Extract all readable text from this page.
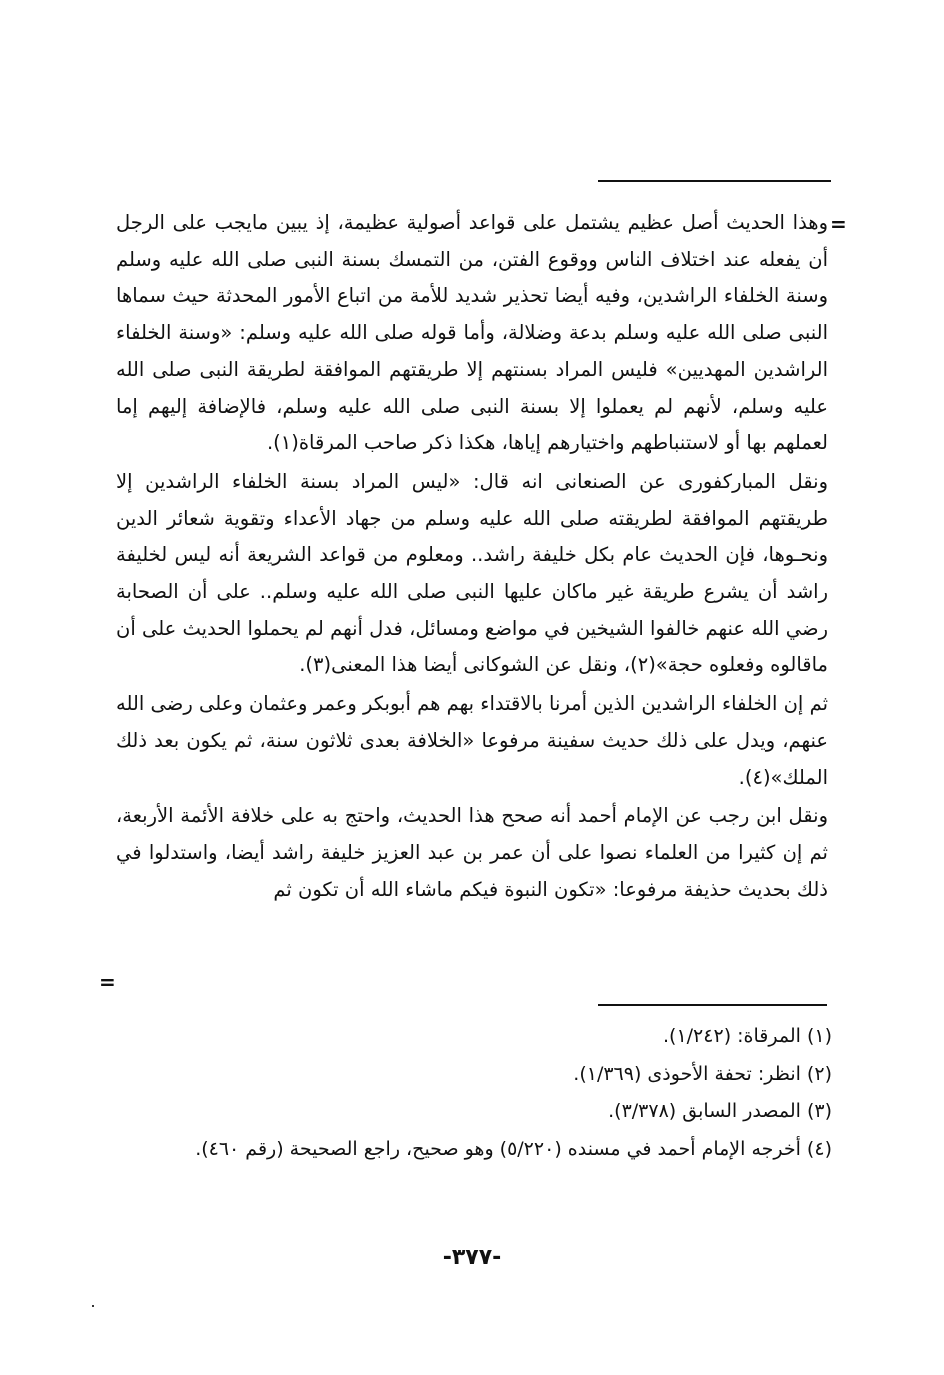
=

وهذا الحديث أصل عظيم يشتمل على قواعد أصولية عظيمة، إذ يبين مايجب على الرجل أن يفعله عند اختلاف الناس ووقوع الفتن، من التمسك بسنة النبى صلى الله عليه وسلم وسنة الخلفاء الراشدين، وفيه أيضا تحذير شديد للأمة من اتباع الأمور المحدثة حيث سماها النبى صلى الله عليه وسلم بدعة وضلالة، وأما قوله صلى الله عليه وسلم: «وسنة الخلفاء الراشدين المهديين» فليس المراد بسنتهم إلا طريقتهم الموافقة لطريقة النبى صلى الله عليه وسلم، لأنهم لم يعملوا إلا بسنة النبى صلى الله عليه وسلم، فالإضافة إليهم إما لعملهم بها أو لاستنباطهم واختيارهم إياها، هكذا ذكر صاحب المرقاة(١).

ونقل المباركفورى عن الصنعانى انه قال: «ليس المراد بسنة الخلفاء الراشدين إلا طريقتهم الموافقة لطريقته صلى الله عليه وسلم من جهاد الأعداء وتقوية شعائر الدين ونحـوها، فإن الحديث عام بكل خليفة راشد.. ومعلوم من قواعد الشريعة أنه ليس لخليفة راشد أن يشرع طريقة غير ماكان عليها النبى صلى الله عليه وسلم.. على أن الصحابة رضي الله عنهم خالفوا الشيخين في مواضع ومسائل، فدل أنهم لم يحملوا الحديث على أن ماقالوه وفعلوه حجة»(٢)، ونقل عن الشوكانى أيضا هذا المعنى(٣).

ثم إن الخلفاء الراشدين الذين أمرنا بالاقتداء بهم هم أبوبكر وعمر وعثمان وعلى رضى الله عنهم، ويدل على ذلك حديث سفينة مرفوعا «الخلافة بعدى ثلاثون سنة، ثم يكون بعد ذلك الملك»(٤).

ونقل ابن رجب عن الإمام أحمد أنه صحح هذا الحديث، واحتج به على خلافة الأئمة الأربعة، ثم إن كثيرا من العلماء نصوا على أن عمر بن عبد العزيز خليفة راشد أيضا، واستدلوا في ذلك بحديث حذيفة مرفوعا: «تكون النبوة فيكم ماشاء الله أن تكون ثم

=

(١) المرقاة: (١/٢٤٢).

(٢) انظر: تحفة الأحوذى (١/٣٦٩).

(٣) المصدر السابق (٣/٣٧٨).

(٤) أخرجه الإمام أحمد في مسنده (٥/٢٢٠) وهو صحيح، راجع الصحيحة (رقم ٤٦٠).

-٣٧٧-
